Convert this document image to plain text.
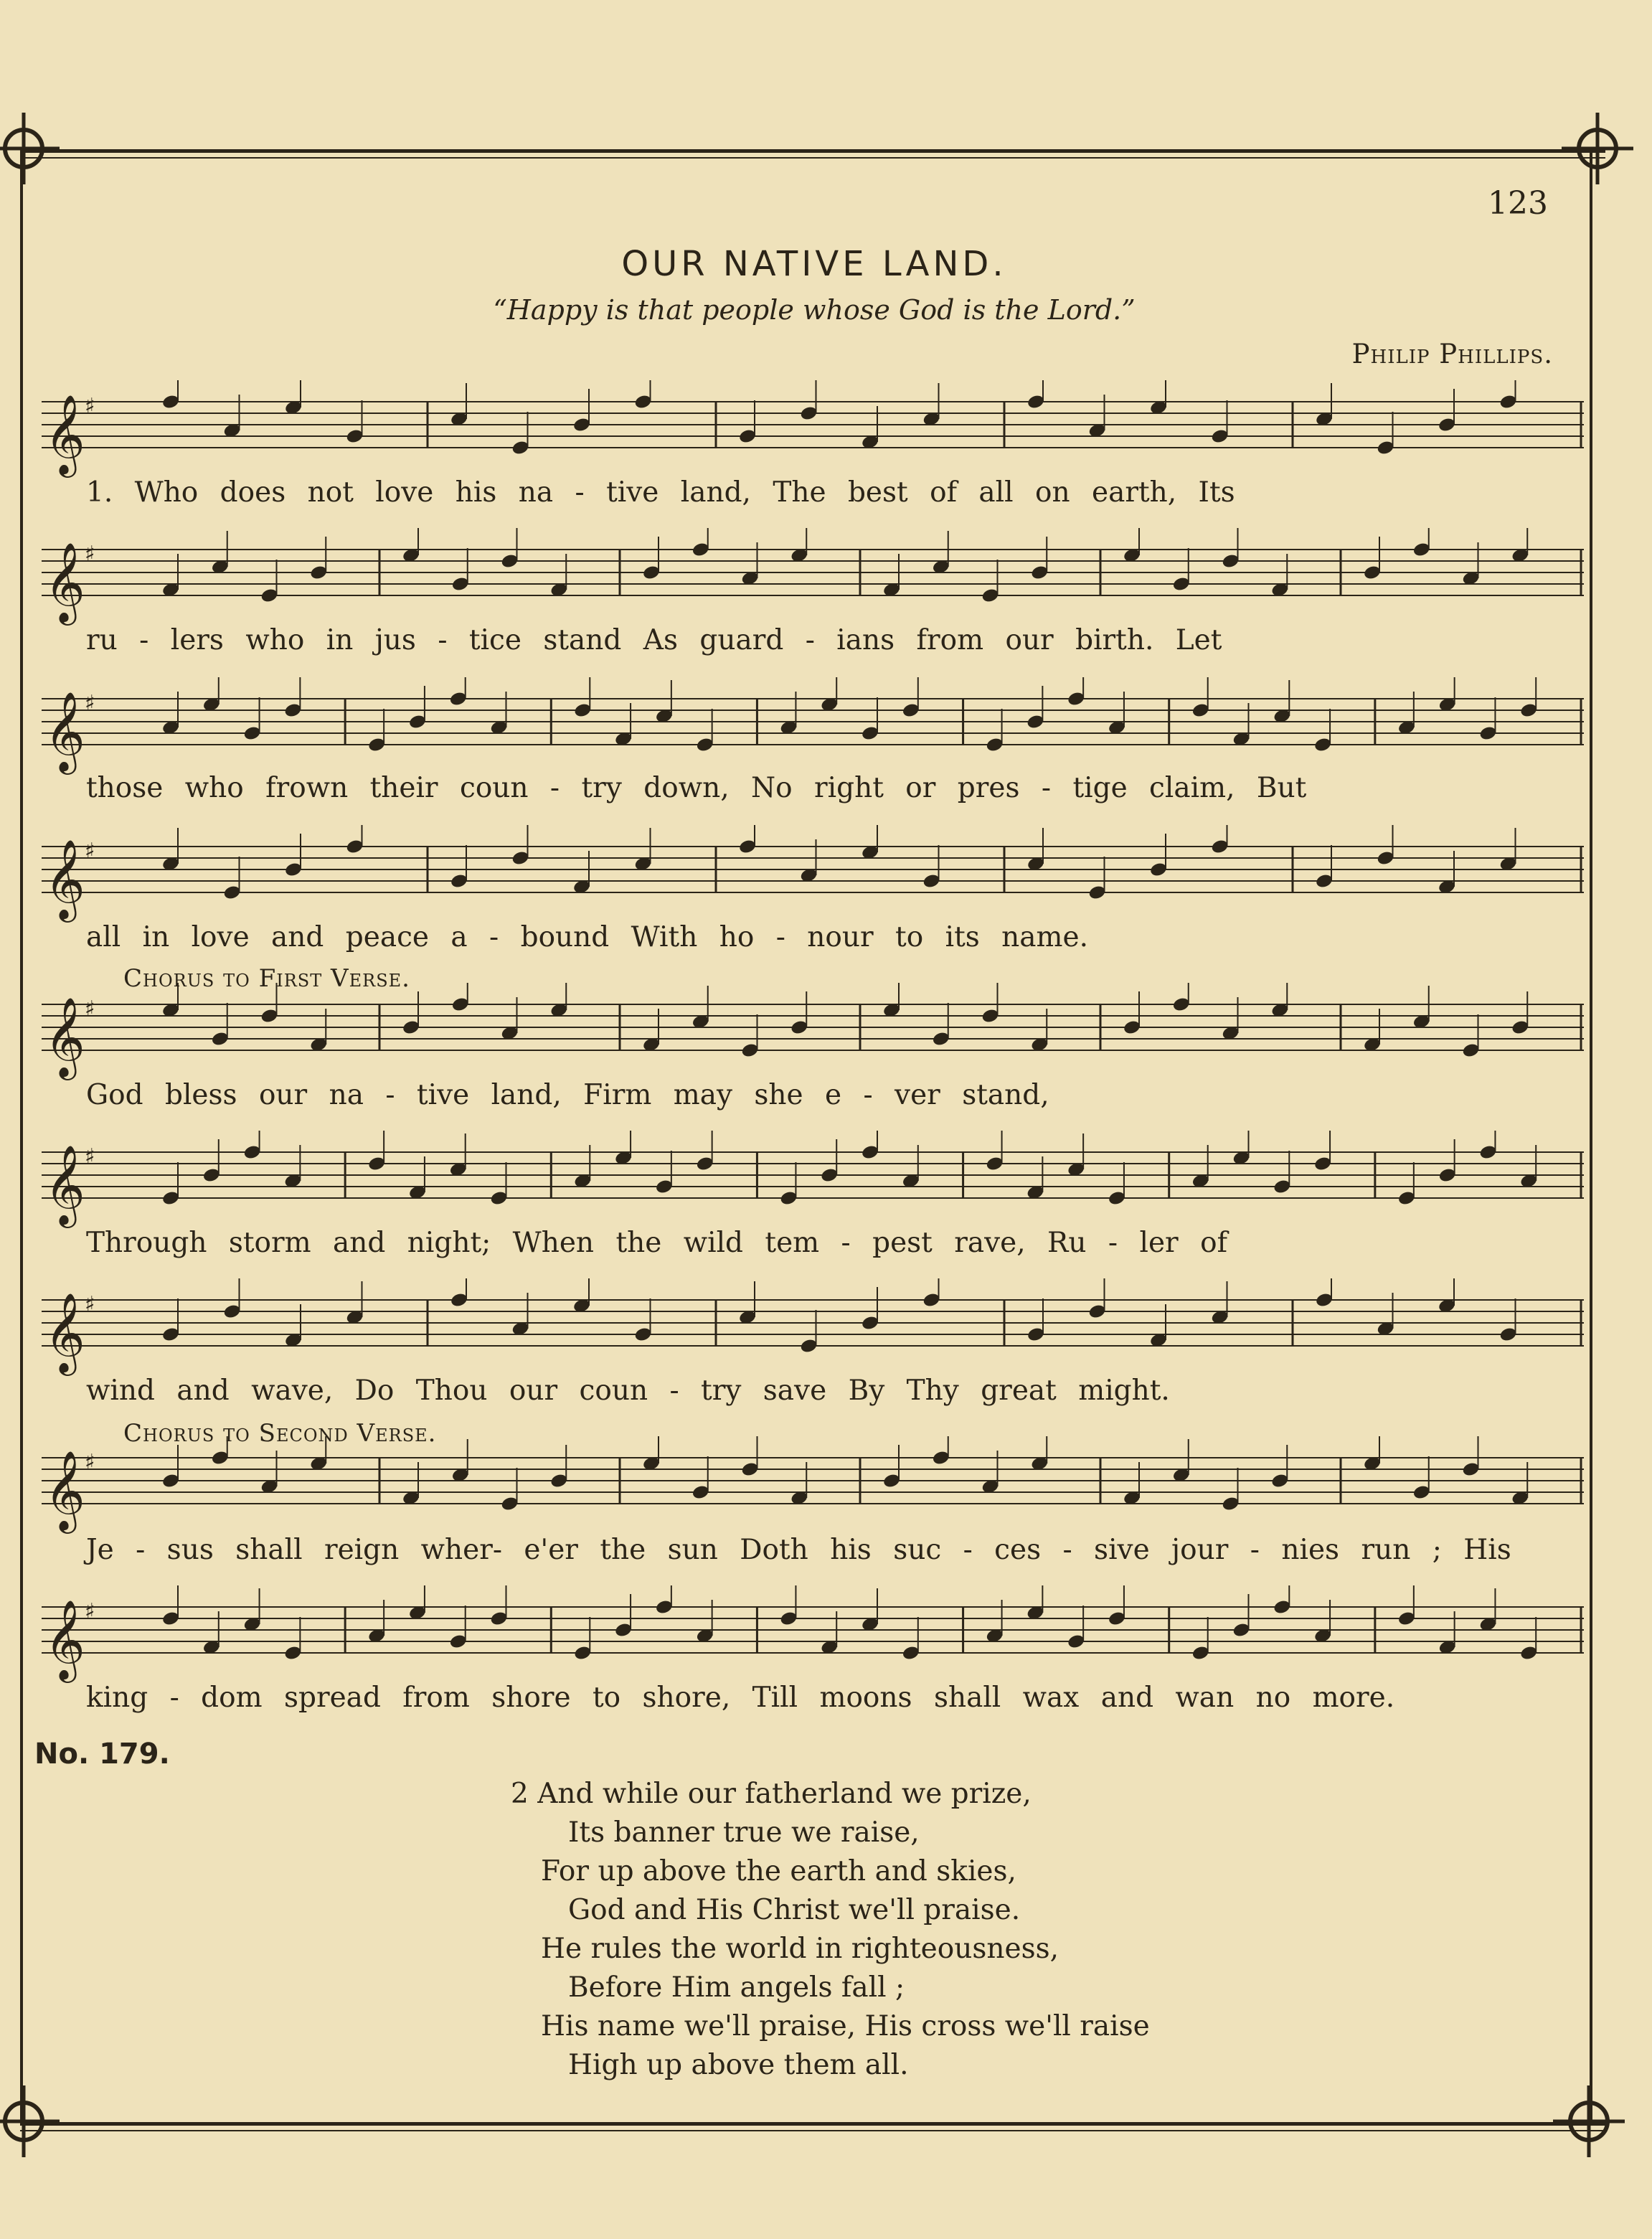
123
OUR NATIVE LAND.
“Happy is that people whose God is the Lord.”
Philip Phillips.
𝄞 ♯
1. Who does not love his na - tive land, The best of all on earth, Its
𝄞 ♯
ru - lers who in jus - tice stand As guard - ians from our birth. Let
𝄞 ♯
those who frown their coun - try down, No right or pres - tige claim, But
𝄞 ♯
all in love and peace a - bound With ho - nour to its name.
Chorus to First Verse.
𝄞 ♯
God bless our na - tive land, Firm may she e - ver stand,
𝄞 ♯
Through storm and night; When the wild tem - pest rave, Ru - ler of
𝄞 ♯
wind and wave, Do Thou our coun - try save By Thy great might.
Chorus to Second Verse.
𝄞 ♯
Je - sus shall reign wher- e'er the sun Doth his suc - ces - sive jour - nies run ; His
𝄞 ♯
king - dom spread from shore to shore, Till moons shall wax and wan no more.
No. 179.
2 And while our fatherland we prize,
Its banner true we raise,
For up above the earth and skies,
God and His Christ we'll praise.
He rules the world in righteousness,
Before Him angels fall ;
His name we'll praise, His cross we'll raise
High up above them all.
